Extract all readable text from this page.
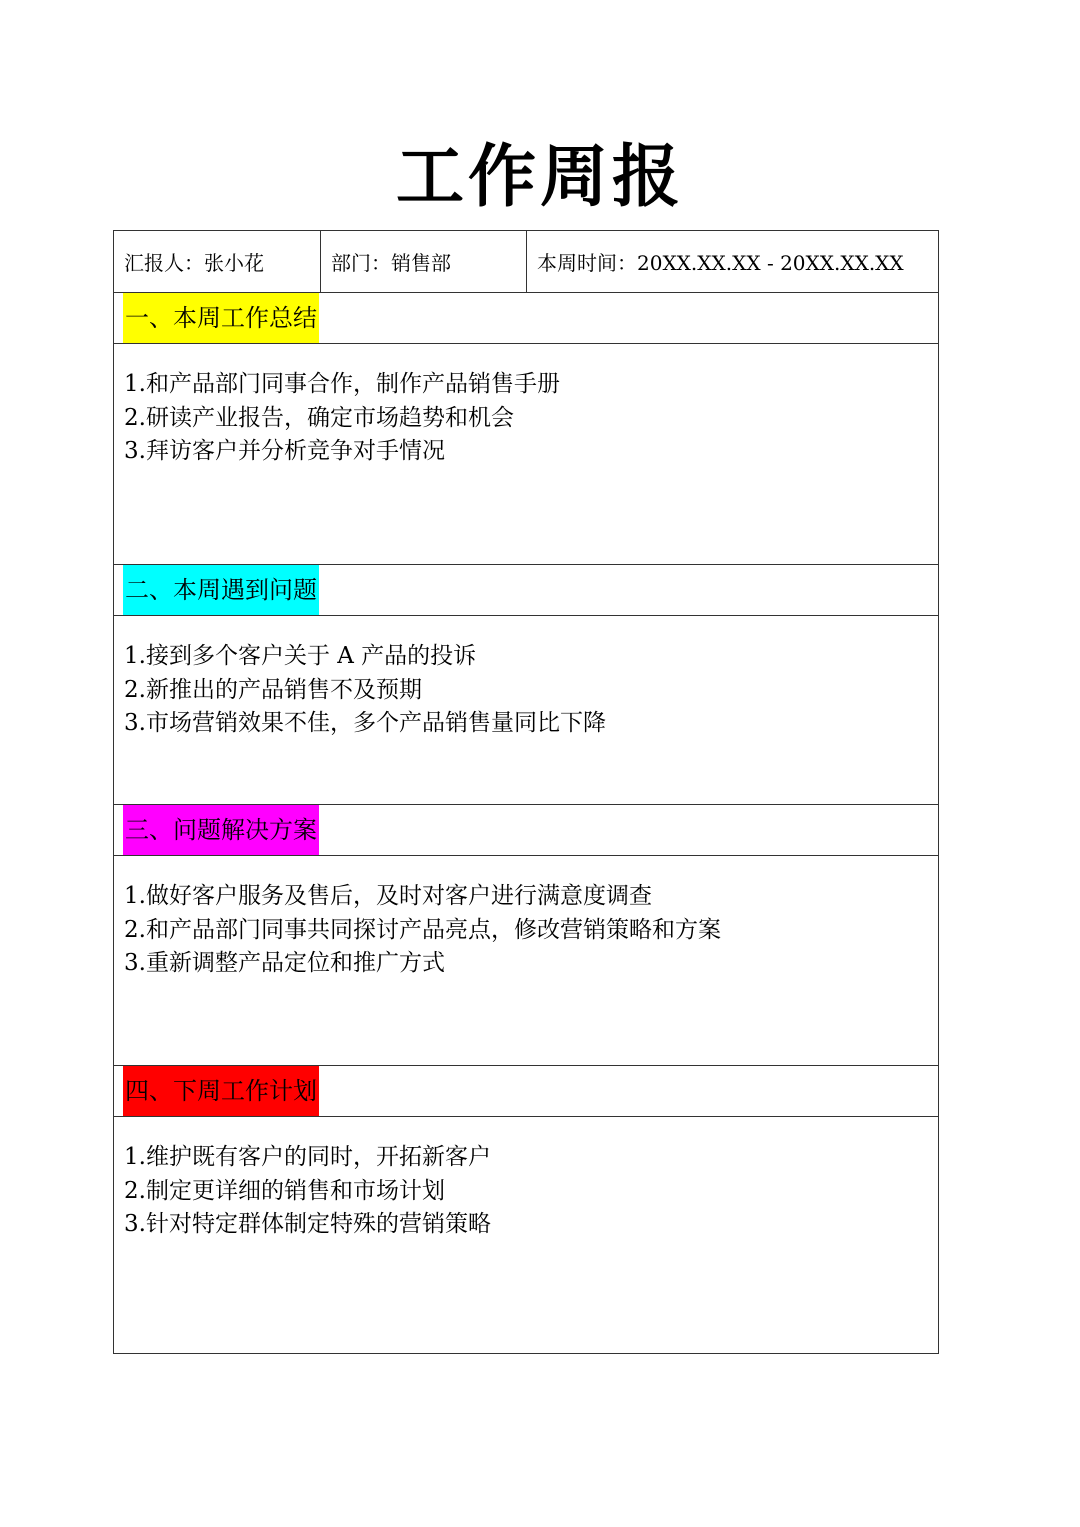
工作周报
汇报人：张小花	部门：销售部	本周时间：20XX.XX.XX - 20XX.XX.XX
一、本周工作总结
1.和产品部门同事合作，制作产品销售手册
2.研读产业报告，确定市场趋势和机会
3.拜访客户并分析竞争对手情况
二、本周遇到问题
1.接到多个客户关于 A 产品的投诉
2.新推出的产品销售不及预期
3.市场营销效果不佳，多个产品销售量同比下降
三、问题解决方案
1.做好客户服务及售后，及时对客户进行满意度调查
2.和产品部门同事共同探讨产品亮点，修改营销策略和方案
3.重新调整产品定位和推广方式
四、下周工作计划
1.维护既有客户的同时，开拓新客户
2.制定更详细的销售和市场计划
3.针对特定群体制定特殊的营销策略
